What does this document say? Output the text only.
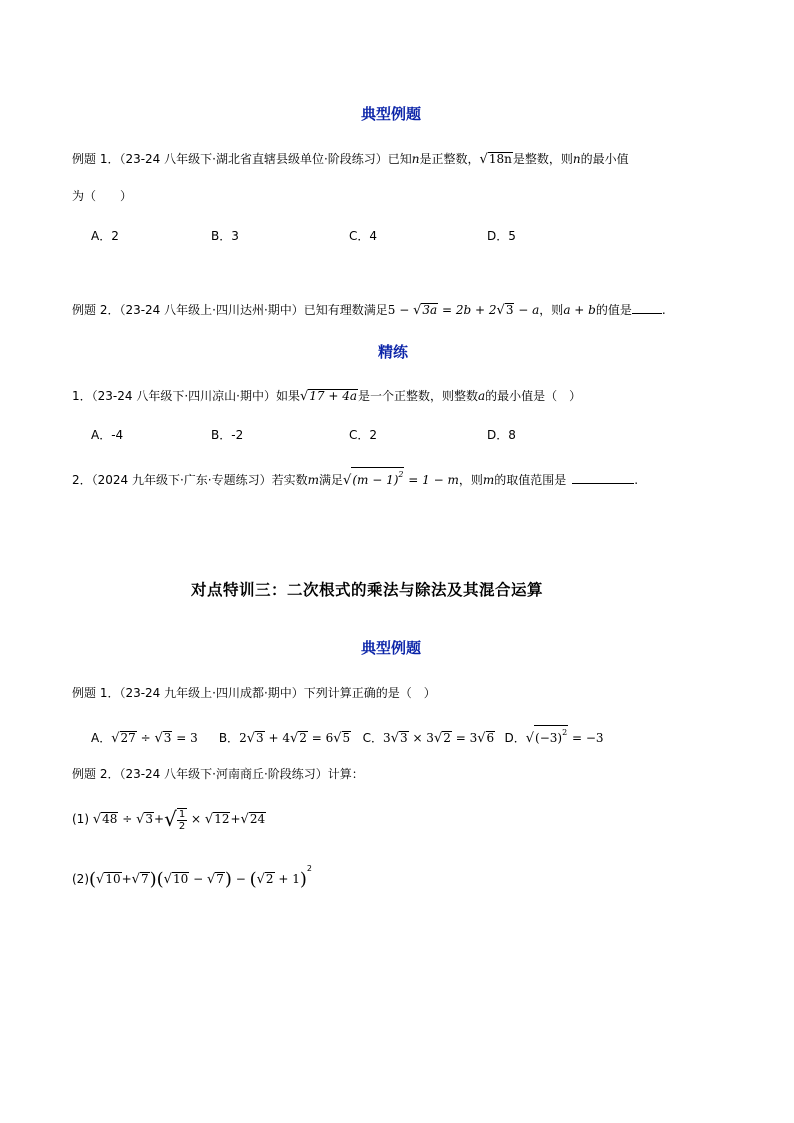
典型例题
例题 1．（23-24 八年级下·湖北省直辖县级单位·阶段练习）已知n是正整数，√18n是整数，则n的最小值
为（　　）
A．2	B．3	C．4	D．5
例题 2．（23-24 八年级上·四川达州·期中）已知有理数满足5 − √3a = 2b + 2√3 − a，则a + b的值是	.
精练
1．（23-24 八年级下·四川凉山·期中）如果√17 + 4a是一个正整数，则整数a的最小值是（　）
A．-4	B．-2	C．2	D．8
2．（2024 九年级下·广东·专题练习）若实数m满足$√(m - 1)^2 = 1 - m$，则m的取值范围是	.
对点特训三：二次根式的乘法与除法及其混合运算
典型例题
例题 1．（23-24 九年级上·四川成都·期中）下列计算正确的是（　）
A．√27 ÷ √3 = 3 B．2√3 + 4√2 = 6√5 C．3√3 × 3√2 = 3√6 D．$√(-3)^2 = -3$
例题 2．（23-24 八年级下·河南商丘·阶段练习）计算：
(1) $√48 \div √3+√ \frac{1}{2} \times √12+√24$
$(2)(√10+√7)(√10 - √7) - (√2 + 1)^2$
